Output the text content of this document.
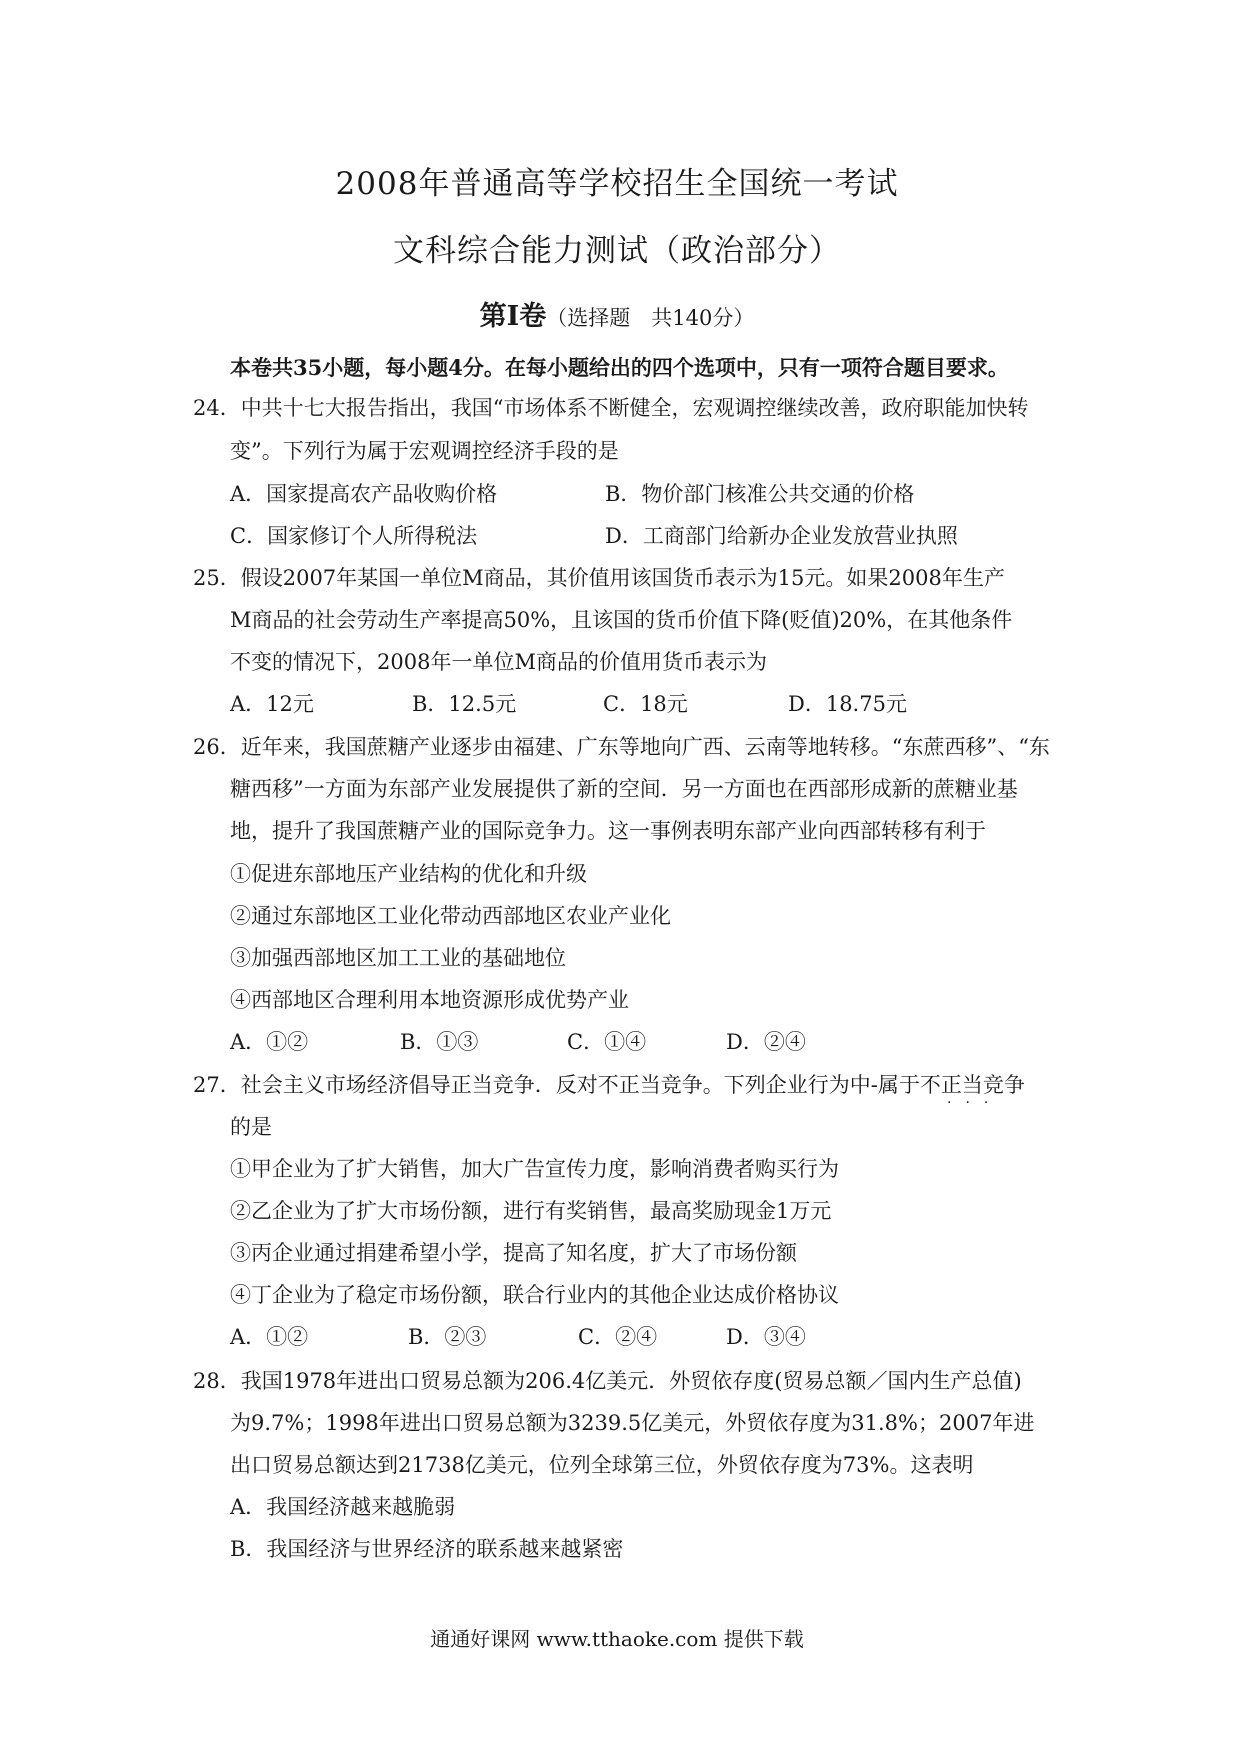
2008年普通高等学校招生全国统一考试
文科综合能力测试（政治部分）
第Ⅰ卷（选择题　共140分）
本卷共35小题，每小题4分。在每小题给出的四个选项中，只有一项符合题目要求。
24．中共十七大报告指出，我国“市场体系不断健全，宏观调控继续改善，政府职能加快转
变”。下列行为属于宏观调控经济手段的是
A．国家提高农产品收购价格	B．物价部门核准公共交通的价格
C．国家修订个人所得税法	D．工商部门给新办企业发放营业执照
25．假设2007年某国一单位M商品，其价值用该国货币表示为15元。如果2008年生产
M商品的社会劳动生产率提高50%，且该国的货币价值下降(贬值)20%，在其他条件
不变的情况下，2008年一单位M商品的价值用货币表示为
A．12元	B．12.5元	C．18元	D．18.75元
26．近年来，我国蔗糖产业逐步由福建、广东等地向广西、云南等地转移。“东蔗西移”、“东
糖西移”一方面为东部产业发展提供了新的空间．另一方面也在西部形成新的蔗糖业基
地，提升了我国蔗糖产业的国际竞争力。这一事例表明东部产业向西部转移有利于
①促进东部地压产业结构的优化和升级
②通过东部地区工业化带动西部地区农业产业化
③加强西部地区加工工业的基础地位
④西部地区合理利用本地资源形成优势产业
A．①②	B．①③	C．①④	D．②④
27．社会主义市场经济倡导正当竞争．反对不正当竞争。下列企业行为中-属于不正当竞争
···
的是
①甲企业为了扩大销售，加大广告宣传力度，影响消费者购买行为
②乙企业为了扩大市场份额，进行有奖销售，最高奖励现金1万元
③丙企业通过捐建希望小学，提高了知名度，扩大了市场份额
④丁企业为了稳定市场份额，联合行业内的其他企业达成价格协议
A．①②	B．②③	C．②④	D．③④
28．我国1978年进出口贸易总额为206.4亿美元．外贸依存度(贸易总额／国内生产总值)
为9.7%；1998年进出口贸易总额为3239.5亿美元，外贸依存度为31.8%；2007年进
出口贸易总额达到21738亿美元，位列全球第三位，外贸依存度为73%。这表明
A．我国经济越来越脆弱
B．我国经济与世界经济的联系越来越紧密
通通好课网 www.tthaoke.com 提供下载
